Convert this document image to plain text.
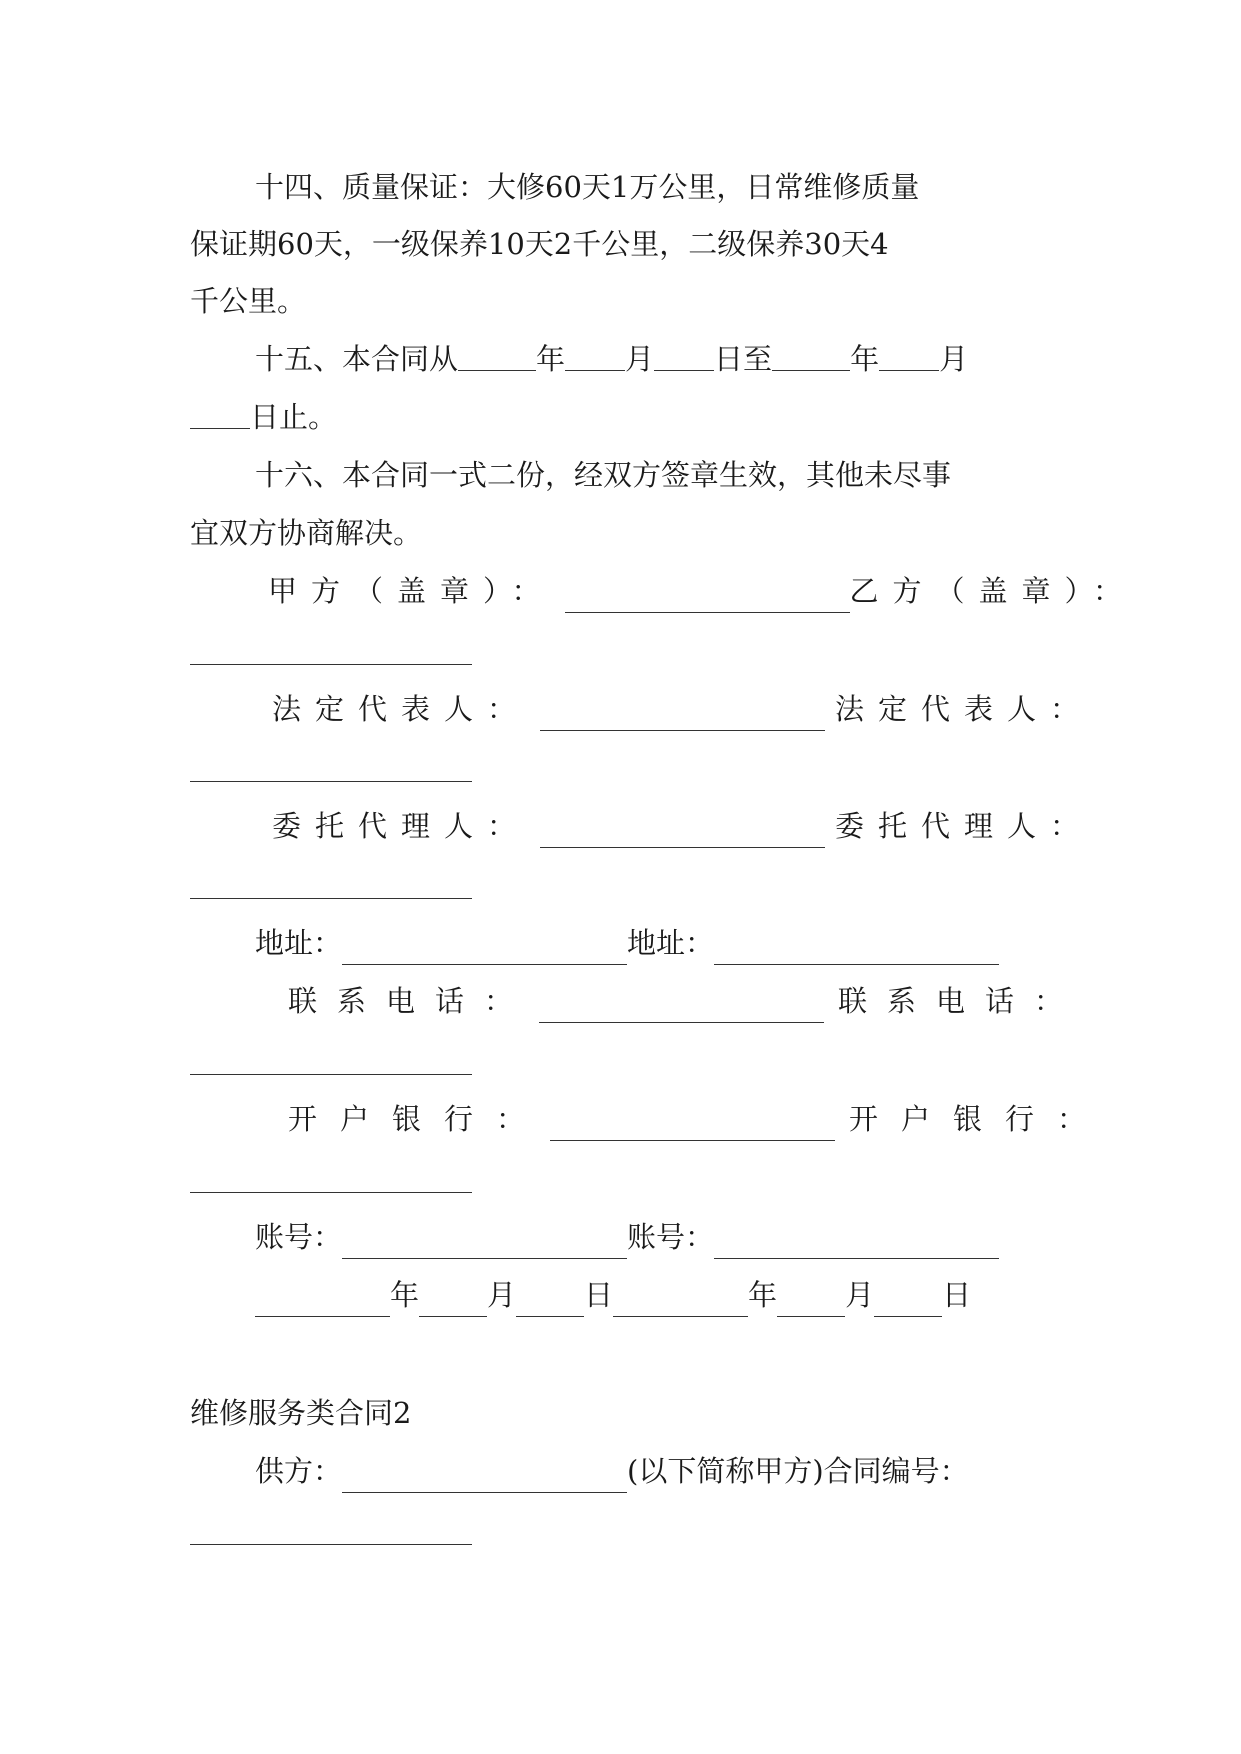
十四、质量保证：大修60天1万公里，日常维修质量
保证期60天，一级保养10天2千公里，二级保养30天4
千公里。
十五、本合同从	年 月 日至	年 月
日止。
十六、本合同一式二份，经双方签章生效，其他未尽事
宜双方协商解决。
甲方（盖章）：	乙方（盖章）：
法定代表人：	法定代表人：
委托代理人：	委托代理人：
地址：	地址：
联系电话：	联系电话：
开户银行：	开户银行：
账号：	账号：
年 月 日	年 月 日
维修服务类合同2
供方：	(以下简称甲方)合同编号：
